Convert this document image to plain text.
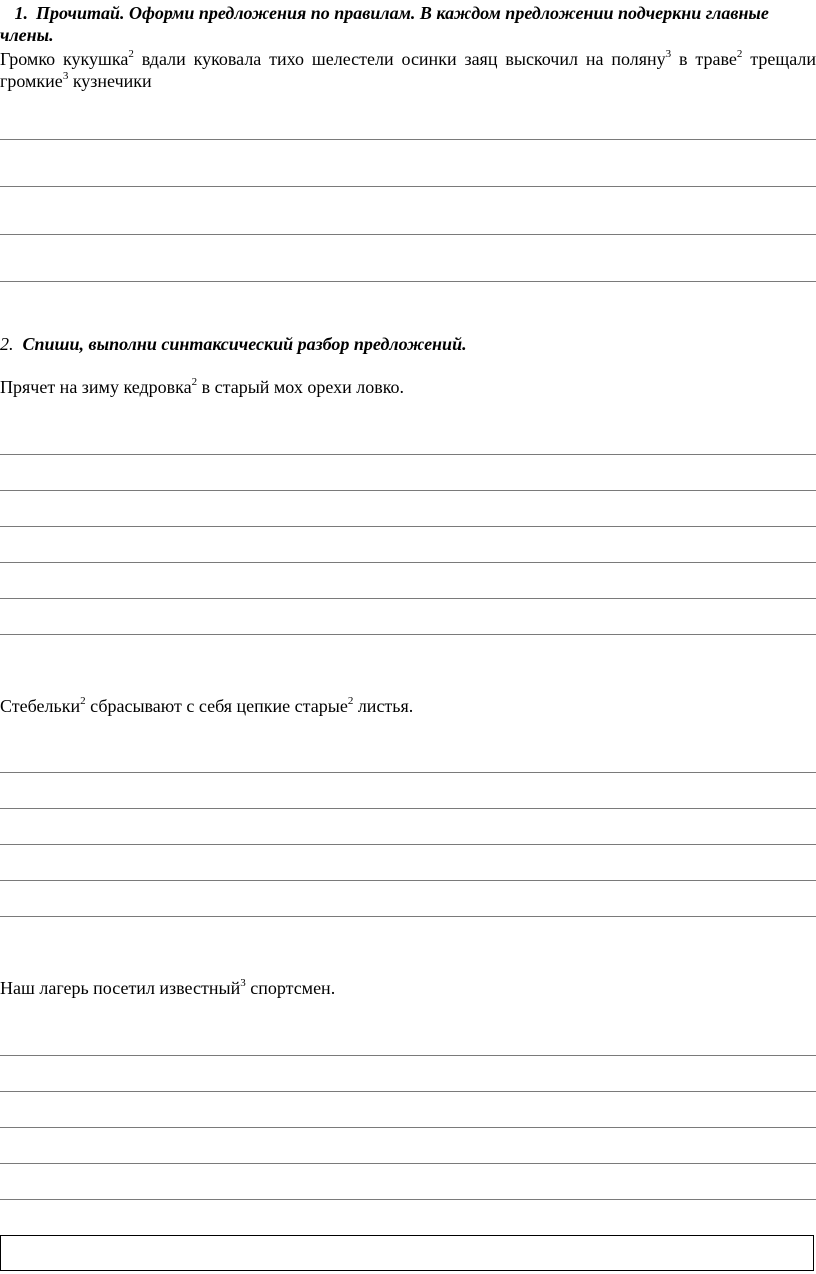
1. Прочитай. Оформи предложения по правилам. В каждом предложении подчеркни главные члены.
Громко кукушка$^2$ вдали куковала тихо шелестели осинки заяц выскочил на поляну$^3$ в траве$^2$ трещали громкие$^3$ кузнечики
2. Спиши, выполни синтаксический разбор предложений.
Прячет на зиму кедровка$^2$ в старый мох орехи ловко.
Стебельки$^2$ сбрасывают с себя цепкие старые$^2$ листья.
Наш лагерь посетил известный$^3$ спортсмен.
